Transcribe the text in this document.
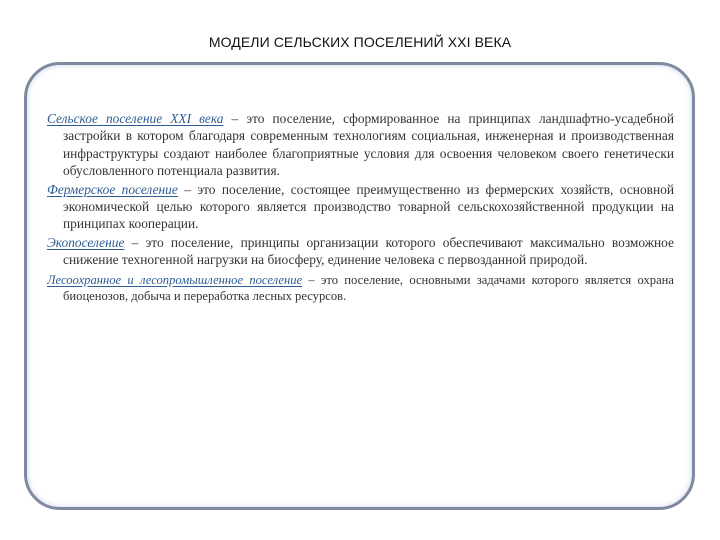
МОДЕЛИ СЕЛЬСКИХ ПОСЕЛЕНИЙ XXI ВЕКА

Сельское поселение XXI века – это поселение, сформированное на принципах ландшафтно-усадебной застройки в котором благодаря современным технологиям социальная, инженерная и производственная инфраструктуры создают наиболее благоприятные условия для освоения человеком своего генетически обусловленного потенциала развития.

Фермерское поселение – это поселение, состоящее преимущественно из фермерских хозяйств, основной экономической целью которого является производство товарной сельскохозяйственной продукции на принципах кооперации.

Экопоселение – это поселение, принципы организации которого обеспечивают максимально возможное снижение техногенной нагрузки на биосферу, единение человека с первозданной природой.

Лесоохранное и лесопромышленное поселение – это поселение, основными задачами которого является охрана биоценозов, добыча и переработка лесных ресурсов.
